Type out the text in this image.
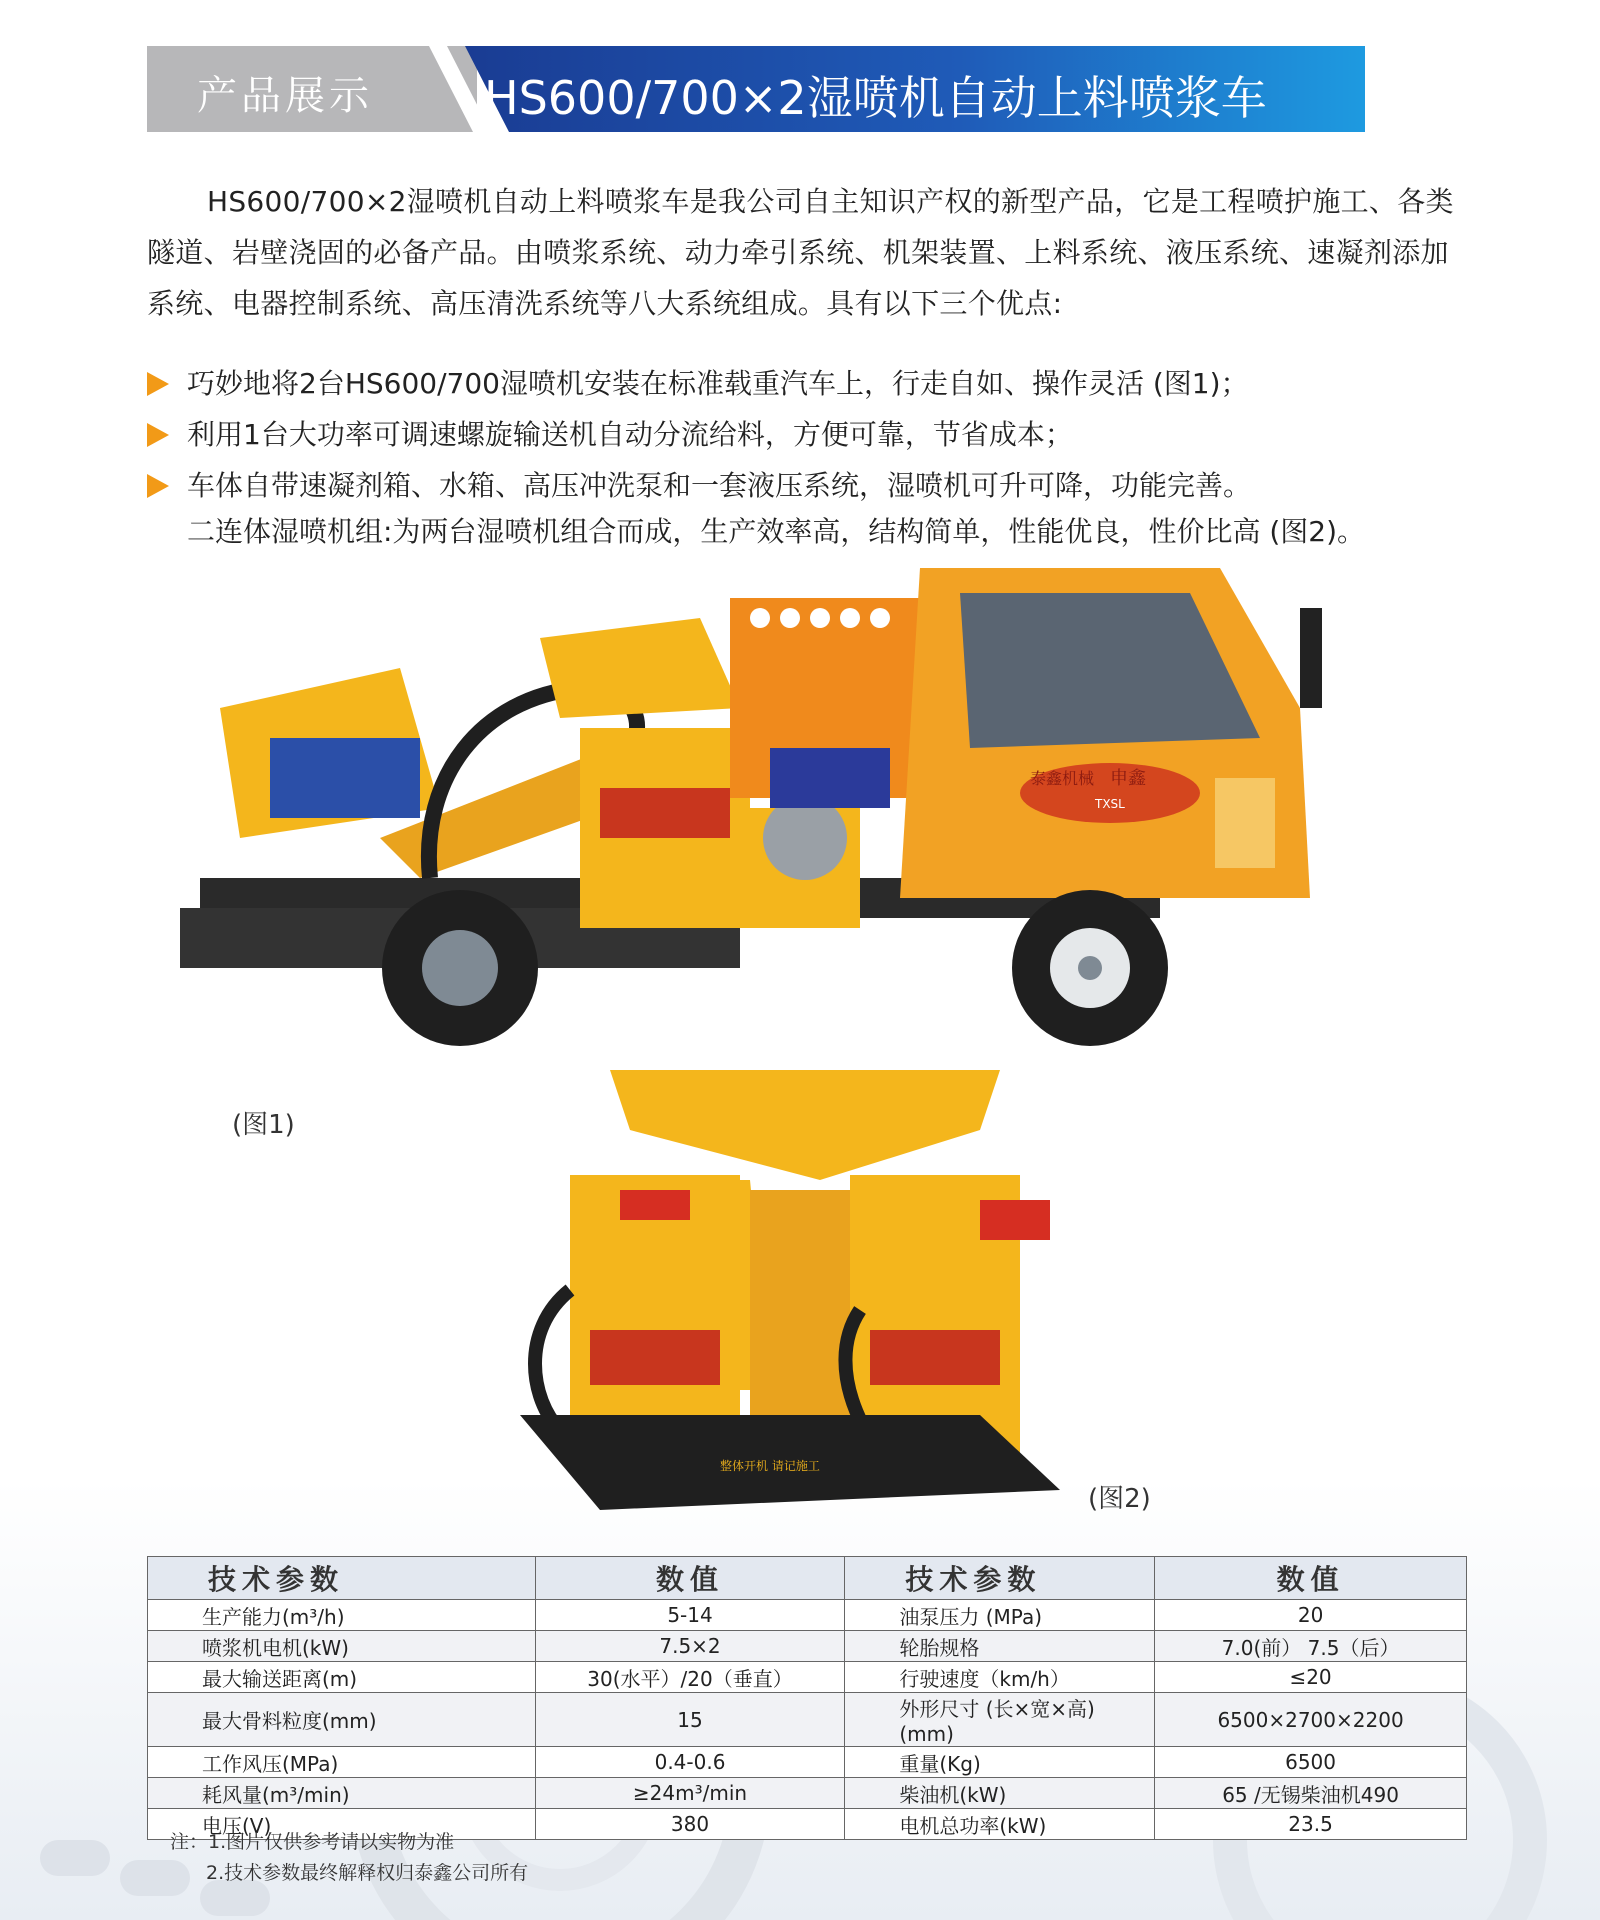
产品展示 HS600/700×2湿喷机自动上料喷浆车
HS600/700×2湿喷机自动上料喷浆车是我公司自主知识产权的新型产品，它是工程喷护施工、各类隧道、岩壁浇固的必备产品。由喷浆系统、动力牵引系统、机架装置、上料系统、液压系统、速凝剂添加系统、电器控制系统、高压清洗系统等八大系统组成。具有以下三个优点:
巧妙地将2台HS600/700湿喷机安装在标准载重汽车上，行走自如、操作灵活 (图1)；
利用1台大功率可调速螺旋输送机自动分流给料，方便可靠，节省成本；
车体自带速凝剂箱、水箱、高压冲洗泵和一套液压系统，湿喷机可升可降，功能完善。
二连体湿喷机组:为两台湿喷机组合而成，生产效率高，结构简单，性能优良，性价比高 (图2)。
泰鑫机械 申鑫
TXSL
(图1)
整体开机 请记施工
(图2)
技术参数	数值	技术参数	数值
生产能力(m³/h)	5-14	油泵压力 (MPa)	20
喷浆机电机(kW)	7.5×2	轮胎规格	7.0(前） 7.5（后）
最大输送距离(m)	30(水平）/20（垂直）	行驶速度（km/h）	≤20
最大骨料粒度(mm)	15	外形尺寸 (长×宽×高) (mm)	6500×2700×2200
工作风压(MPa)	0.4-0.6	重量(Kg)	6500
耗风量(m³/min)	≥24m³/min	柴油机(kW)	65 /无锡柴油机490
电压(V)	380	电机总功率(kW)	23.5
注：1.图片仅供参考请以实物为准
2.技术参数最终解释权归泰鑫公司所有
